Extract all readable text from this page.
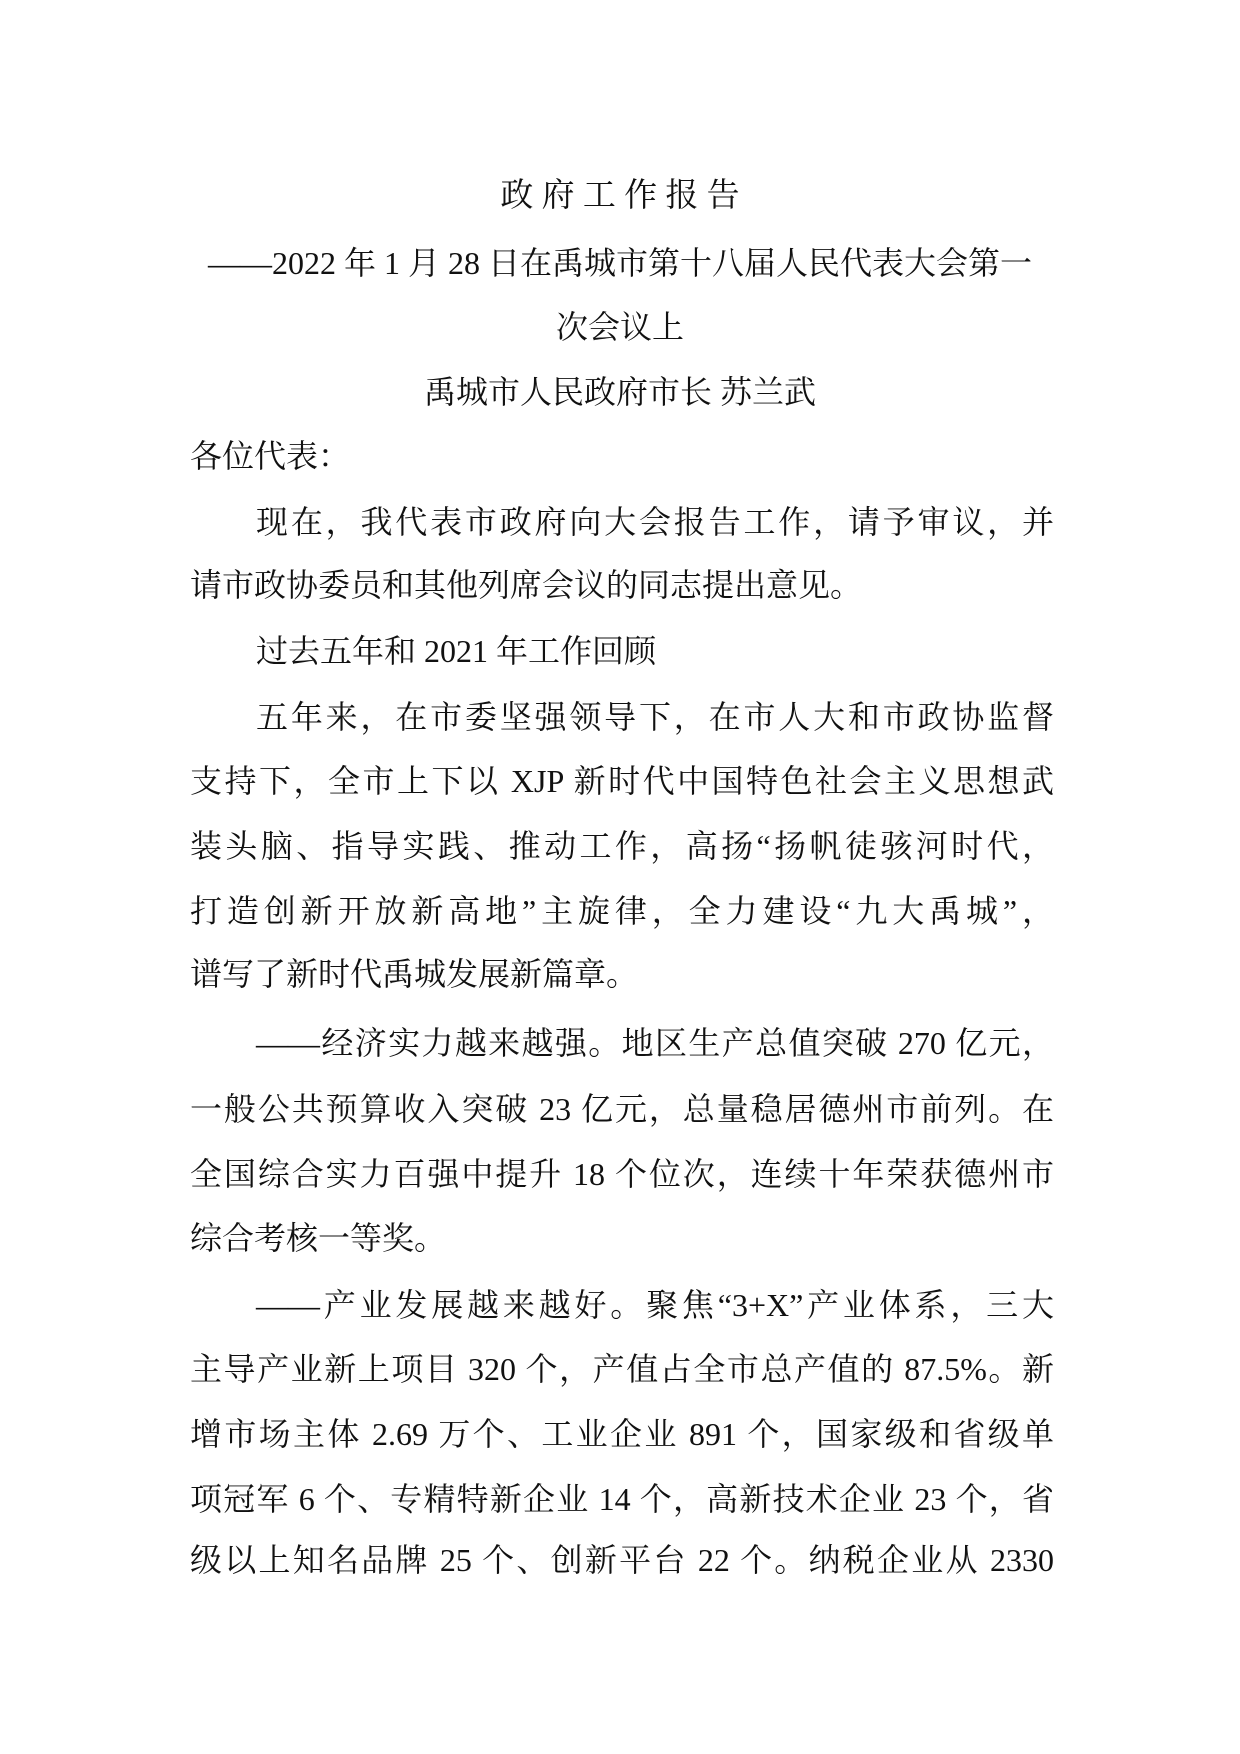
政 府 工 作 报 告
——2022 年 1 月 28 日在禹城市第十八届人民代表大会第一
次会议上
禹城市人民政府市长 苏兰武
各位代表：
现在，我代表市政府向大会报告工作，请予审议，并
请市政协委员和其他列席会议的同志提出意见。
过去五年和 2021 年工作回顾
五年来，在市委坚强领导下，在市人大和市政协监督
支持下，全市上下以 XJP 新时代中国特色社会主义思想武
装头脑、指导实践、推动工作，高扬“扬帆徒骇河时代，
打造创新开放新高地”主旋律，全力建设“九大禹城”，
谱写了新时代禹城发展新篇章。
——经济实力越来越强。地区生产总值突破 270 亿元，
一般公共预算收入突破 23 亿元，总量稳居德州市前列。在
全国综合实力百强中提升 18 个位次，连续十年荣获德州市
综合考核一等奖。
——产业发展越来越好。聚焦“3+X”产业体系，三大
主导产业新上项目 320 个，产值占全市总产值的 87.5%。新
增市场主体 2.69 万个、工业企业 891 个，国家级和省级单
项冠军 6 个、专精特新企业 14 个，高新技术企业 23 个，省
级以上知名品牌 25 个、创新平台 22 个。纳税企业从 2330
